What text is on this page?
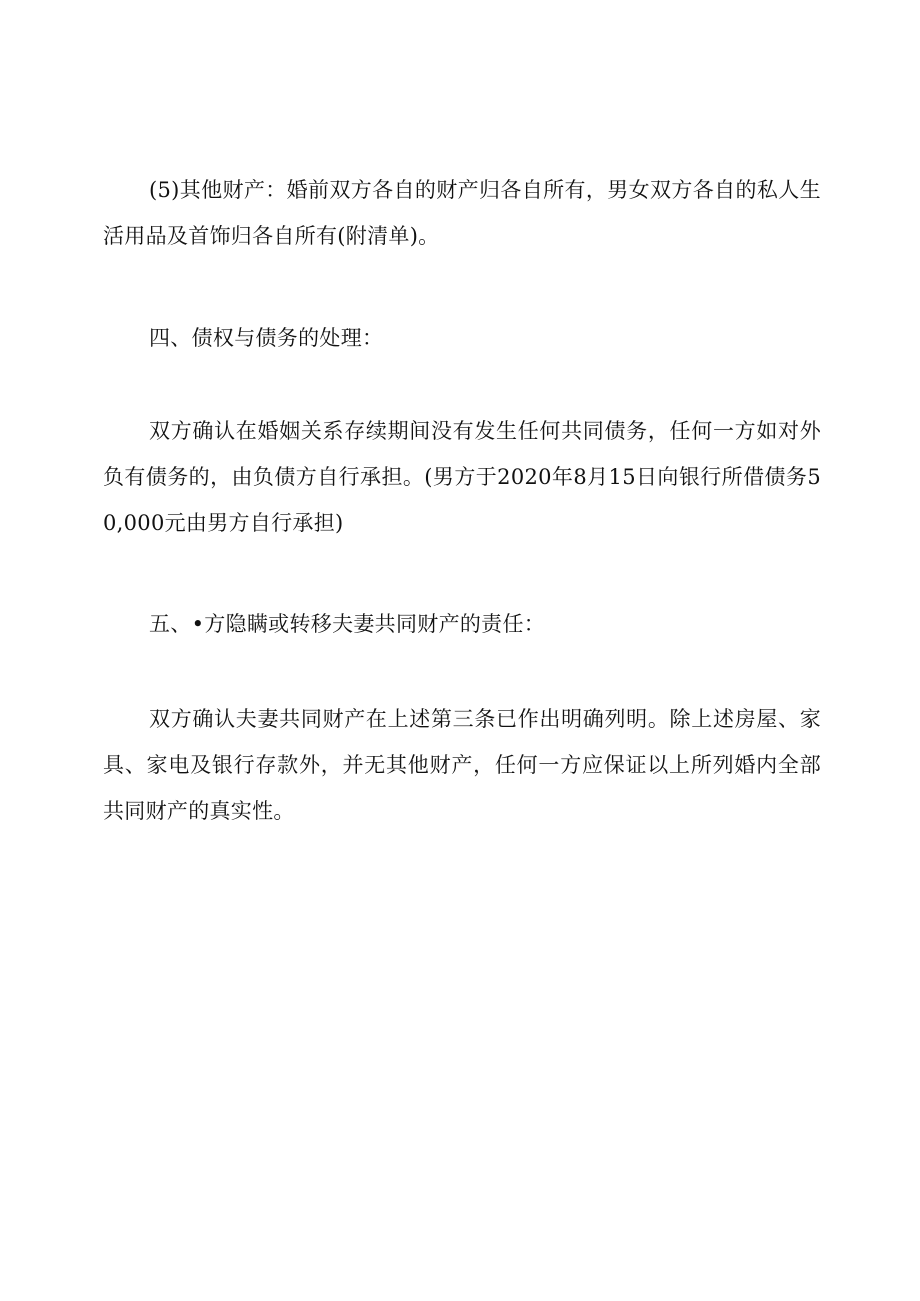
(5)其他财产：婚前双方各自的财产归各自所有，男女双方各自的私人生活用品及首饰归各自所有(附清单)。

四、债权与债务的处理：

双方确认在婚姻关系存续期间没有发生任何共同债务，任何一方如对外负有债务的，由负债方自行承担。(男方于2020年8月15日向银行所借债务50,000元由男方自行承担)

五、•方隐瞒或转移夫妻共同财产的责任：

双方确认夫妻共同财产在上述第三条已作出明确列明。除上述房屋、家具、家电及银行存款外，并无其他财产，任何一方应保证以上所列婚内全部共同财产的真实性。
